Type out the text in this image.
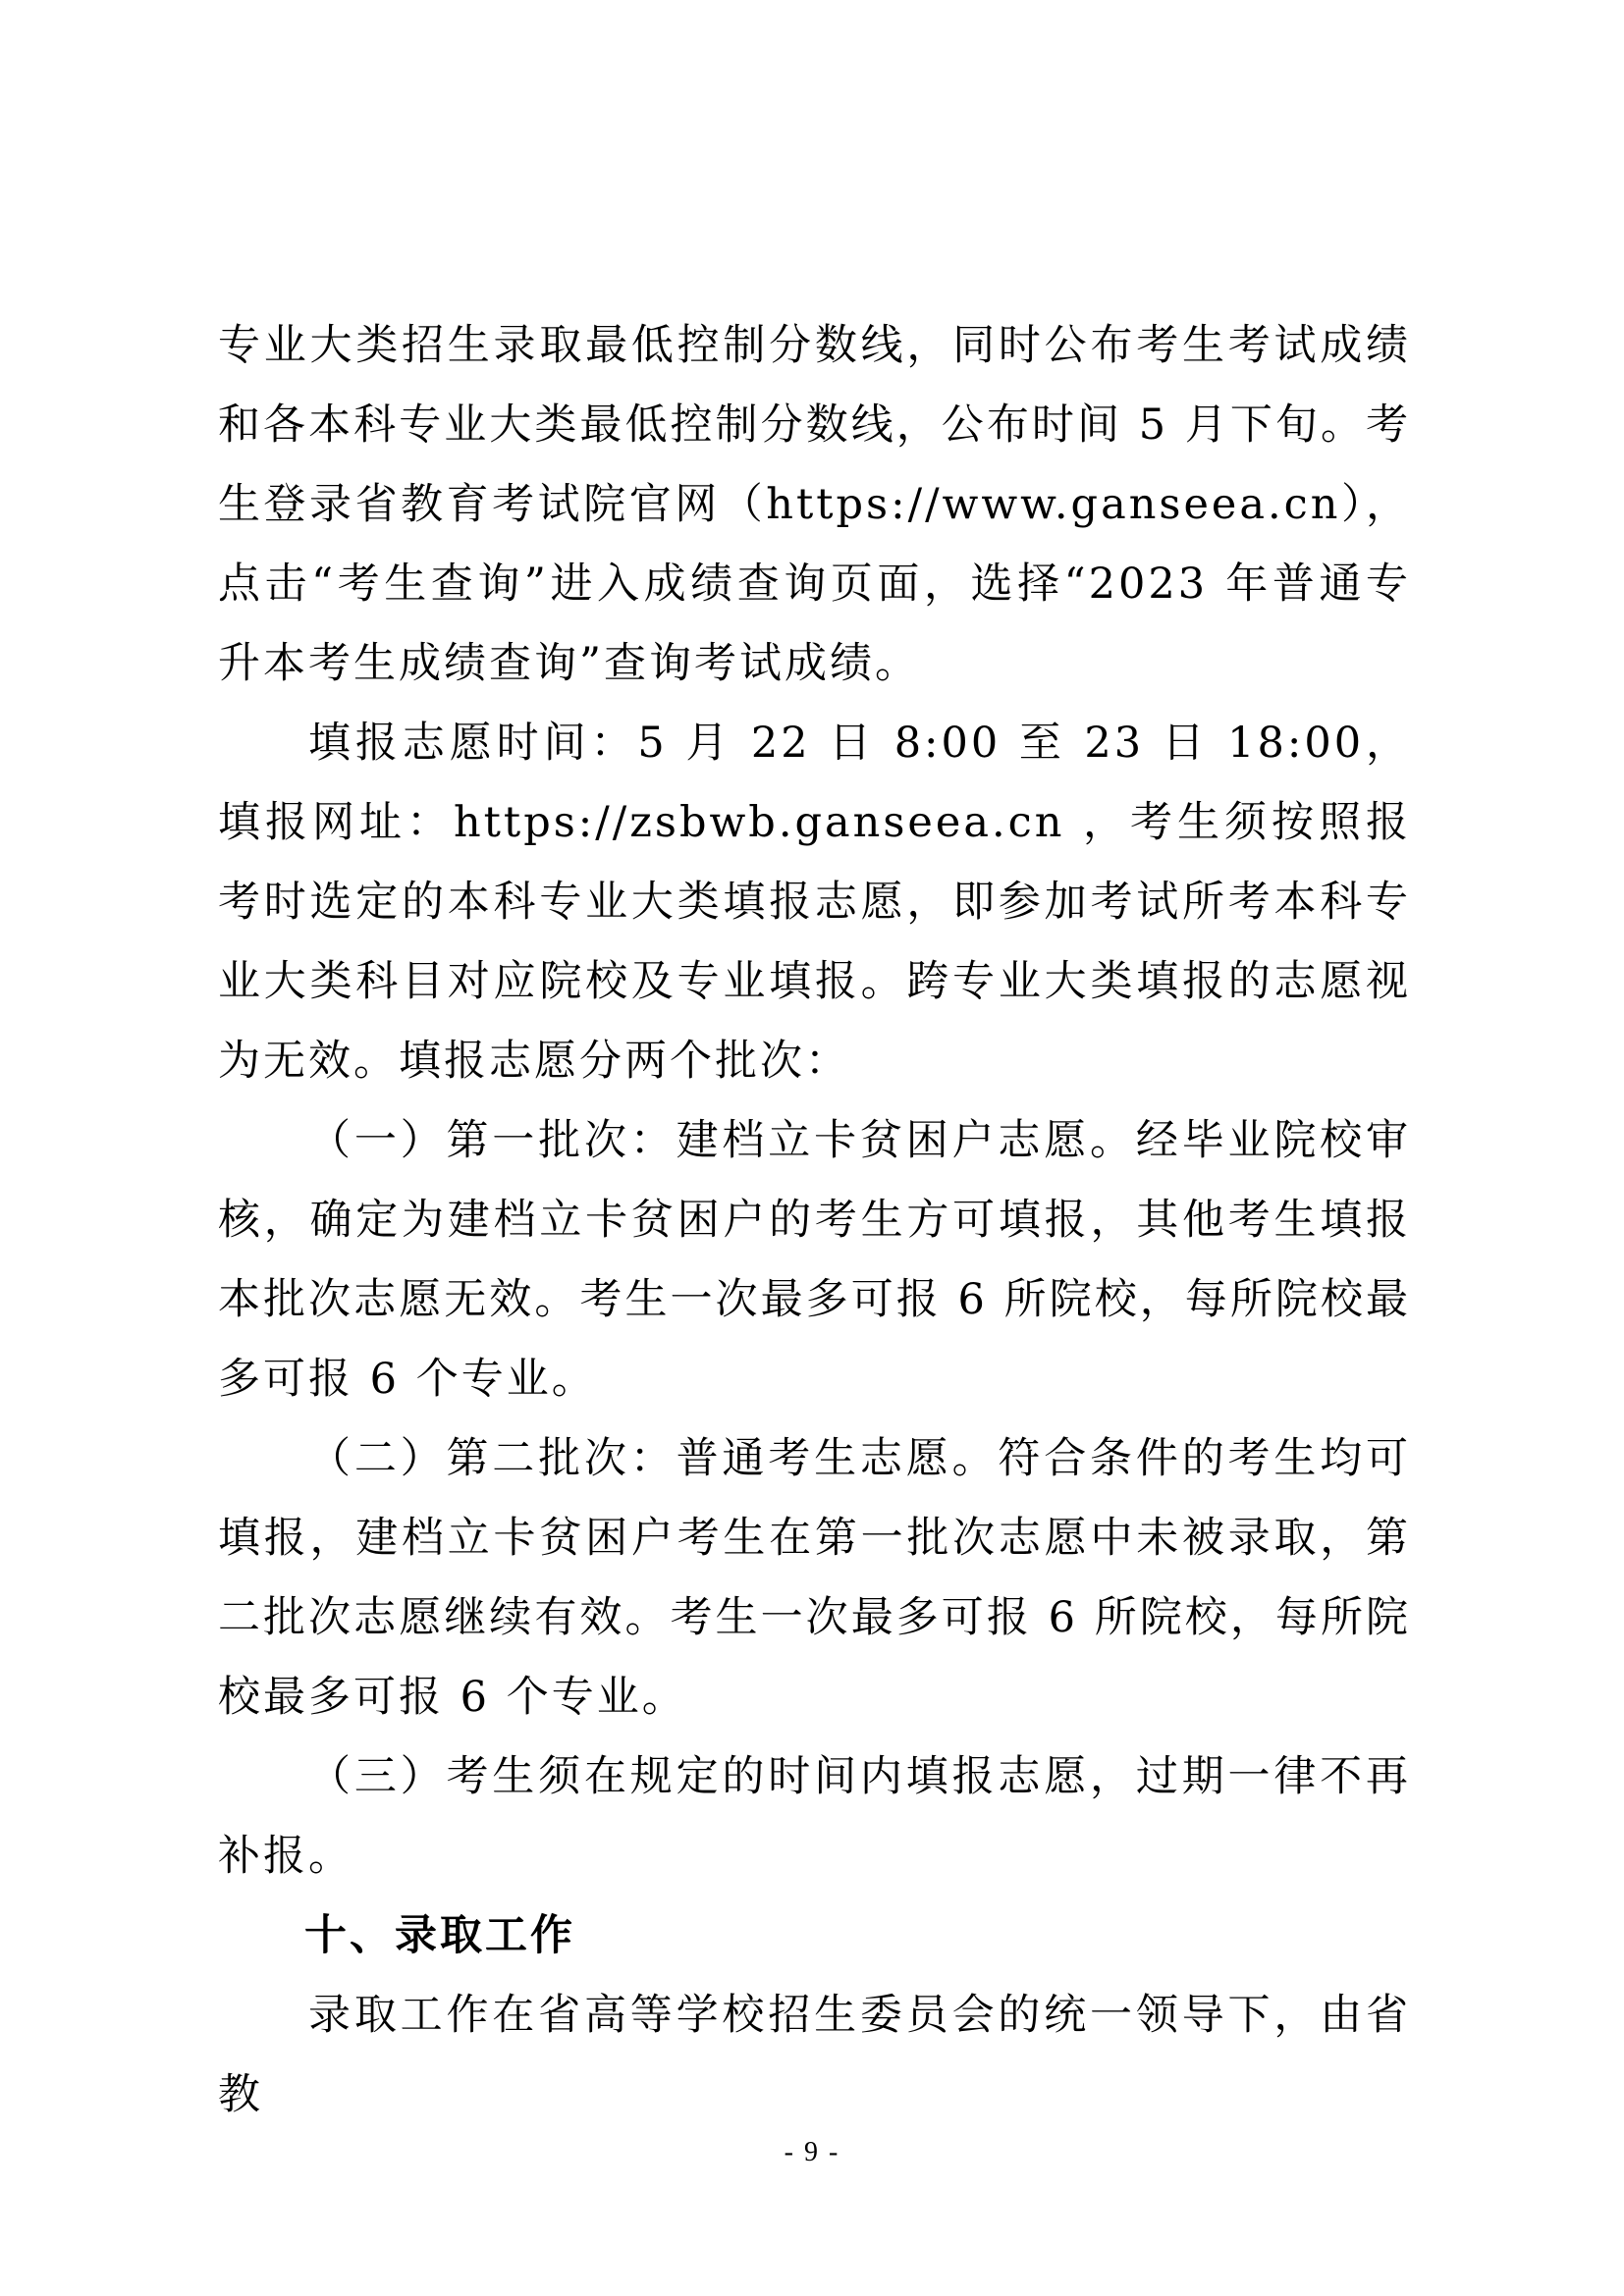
专业大类招生录取最低控制分数线，同时公布考生考试成绩和各本科专业大类最低控制分数线，公布时间 5 月下旬。考生登录省教育考试院官网（https://www.ganseea.cn），点击“考生查询”进入成绩查询页面，选择“2023 年普通专升本考生成绩查询”查询考试成绩。

填报志愿时间：5 月 22 日 8:00 至 23 日 18:00，填报网址：https://zsbwb.ganseea.cn ，考生须按照报考时选定的本科专业大类填报志愿，即参加考试所考本科专业大类科目对应院校及专业填报。跨专业大类填报的志愿视为无效。填报志愿分两个批次：

（一）第一批次：建档立卡贫困户志愿。经毕业院校审核，确定为建档立卡贫困户的考生方可填报，其他考生填报本批次志愿无效。考生一次最多可报 6 所院校，每所院校最多可报 6 个专业。

（二）第二批次：普通考生志愿。符合条件的考生均可填报，建档立卡贫困户考生在第一批次志愿中未被录取，第二批次志愿继续有效。考生一次最多可报 6 所院校，每所院校最多可报 6 个专业。

（三）考生须在规定的时间内填报志愿，过期一律不再补报。

十、录取工作

录取工作在省高等学校招生委员会的统一领导下，由省教

- 9 -
